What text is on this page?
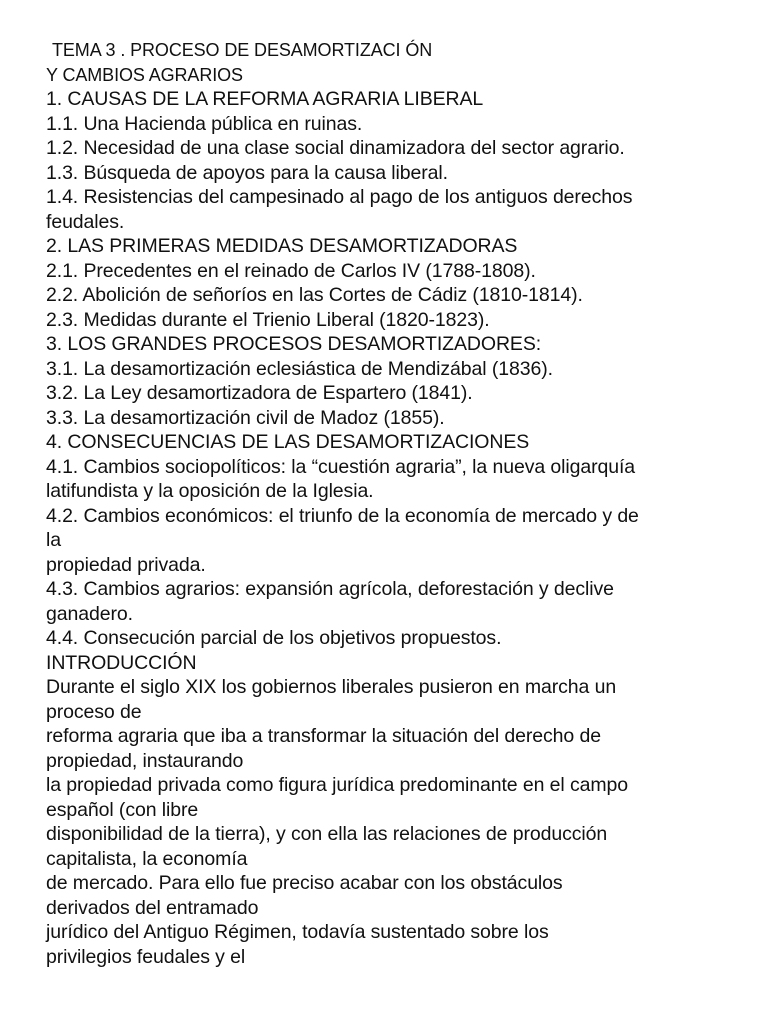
TEMA 3 . PROCESO DE DESAMORTIZACI ÓN
Y CAMBIOS AGRARIOS
1. CAUSAS DE LA REFORMA AGRARIA LIBERAL
1.1. Una Hacienda pública en ruinas.
1.2. Necesidad de una clase social dinamizadora del sector agrario.
1.3. Búsqueda de apoyos para la causa liberal.
1.4. Resistencias del campesinado al pago de los antiguos derechos
feudales.
2. LAS PRIMERAS MEDIDAS DESAMORTIZADORAS
2.1. Precedentes en el reinado de Carlos IV (1788-1808).
2.2. Abolición de señoríos en las Cortes de Cádiz (1810-1814).
2.3. Medidas durante el Trienio Liberal (1820-1823).
3. LOS GRANDES PROCESOS DESAMORTIZADORES:
3.1. La desamortización eclesiástica de Mendizábal (1836).
3.2. La Ley desamortizadora de Espartero (1841).
3.3. La desamortización civil de Madoz (1855).
4. CONSECUENCIAS DE LAS DESAMORTIZACIONES
4.1. Cambios sociopolíticos: la “cuestión agraria”, la nueva oligarquía
latifundista y la oposición de la Iglesia.
4.2. Cambios económicos: el triunfo de la economía de mercado y de
la
propiedad privada.
4.3. Cambios agrarios: expansión agrícola, deforestación y declive
ganadero.
4.4. Consecución parcial de los objetivos propuestos.
INTRODUCCIÓN
Durante el siglo XIX los gobiernos liberales pusieron en marcha un
proceso de
reforma agraria que iba a transformar la situación del derecho de
propiedad, instaurando
la propiedad privada como figura jurídica predominante en el campo
español (con libre
disponibilidad de la tierra), y con ella las relaciones de producción
capitalista, la economía
de mercado. Para ello fue preciso acabar con los obstáculos
derivados del entramado
jurídico del Antiguo Régimen, todavía sustentado sobre los
privilegios feudales y el
